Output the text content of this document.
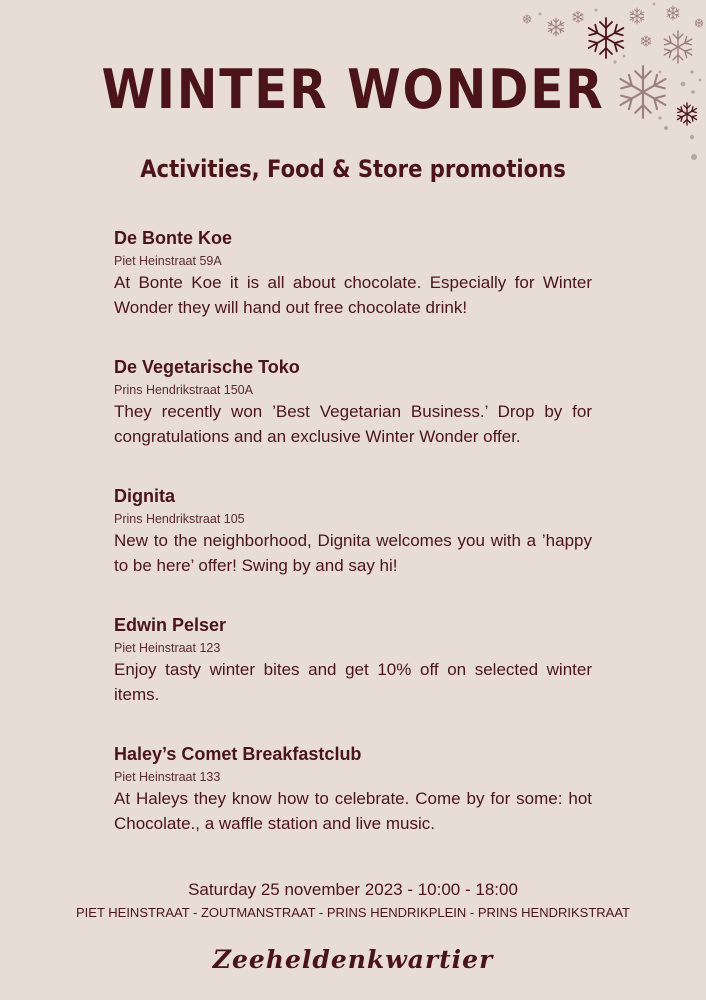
WINTER WONDER
Activities, Food & Store promotions
De Bonte Koe
Piet Heinstraat 59A
At Bonte Koe it is all about chocolate. Especially for Winter Wonder they will hand out free chocolate drink!
De Vegetarische Toko
Prins Hendrikstraat 150A
They recently won ’Best Vegetarian Business.’ Drop by for congratulations and an exclusive Winter Wonder offer.
Dignita
Prins Hendrikstraat 105
New to the neighborhood, Dignita welcomes you with a ’happy to be here’ offer! Swing by and say hi!
Edwin Pelser
Piet Heinstraat 123
Enjoy tasty winter bites and get 10% off on selected winter items.
Haley’s Comet Breakfastclub
Piet Heinstraat 133
At Haleys they know how to celebrate. Come by for some: hot Chocolate., a waffle station and live music.
Saturday 25 november 2023 - 10:00 - 18:00
PIET HEINSTRAAT - ZOUTMANSTRAAT - PRINS HENDRIKPLEIN - PRINS HENDRIKSTRAAT
Zeeheldenkwartier
